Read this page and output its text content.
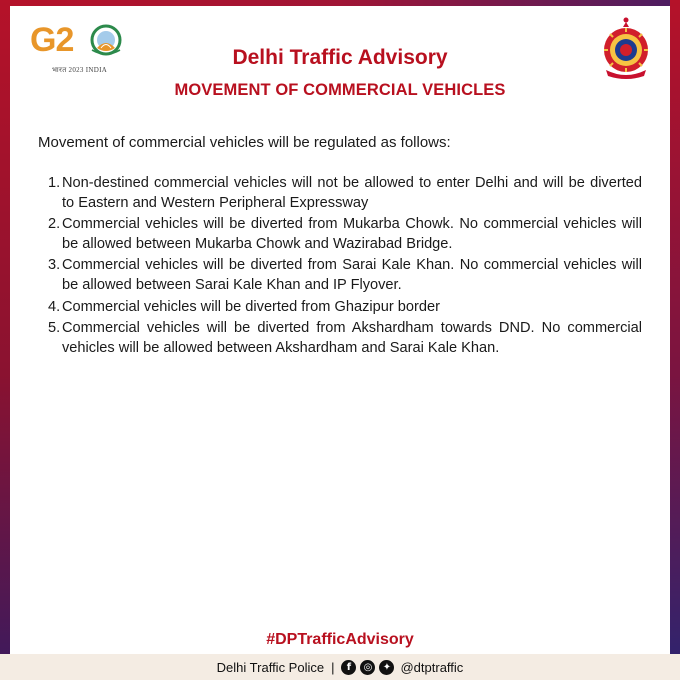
G2
भारत 2023 INDIA
Delhi Traffic Advisory
MOVEMENT OF COMMERCIAL VEHICLES
Movement of commercial vehicles will be regulated as follows:
1. Non-destined commercial vehicles will not be allowed to enter Delhi and will be diverted to Eastern and Western Peripheral Expressway
2. Commercial vehicles will be diverted from Mukarba Chowk. No commercial vehicles will be allowed between Mukarba Chowk and Wazirabad Bridge.
3. Commercial vehicles will be diverted from Sarai Kale Khan. No commercial vehicles will be allowed between Sarai Kale Khan and IP Flyover.
4. Commercial vehicles will be diverted from Ghazipur border
5. Commercial vehicles will be diverted from Akshardham towards DND. No commercial vehicles will be allowed between Akshardham and Sarai Kale Khan.
#DPTrafficAdvisory
Delhi Traffic Police |	f	◎	✦ @dtptraffic
